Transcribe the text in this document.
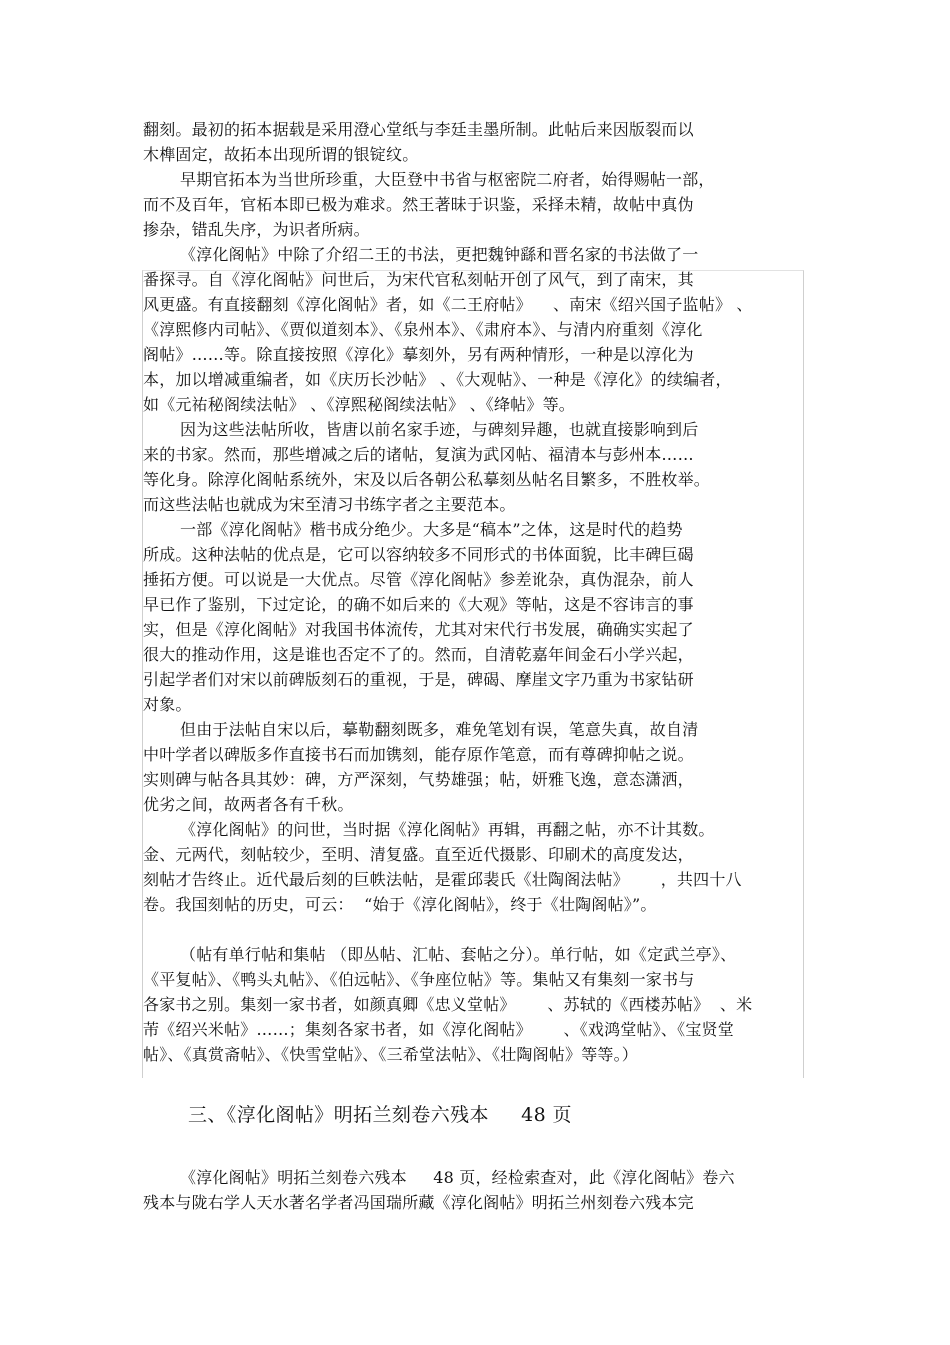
翻刻。最初的拓本据载是采用澄心堂纸与李廷圭墨所制。此帖后来因版裂而以
木榫固定，故拓本出现所谓的银锭纹。
早期官拓本为当世所珍重，大臣登中书省与枢密院二府者，始得赐帖一部，
而不及百年，官柘本即已极为难求。然王著昧于识鉴，采择未精，故帖中真伪
掺杂，错乱失序，为识者所病。
《淳化阁帖》中除了介绍二王的书法，更把魏钟繇和晋名家的书法做了一
番探寻。自《淳化阁帖》问世后，为宋代官私刻帖开创了风气，到了南宋，其
风更盛。有直接翻刻《淳化阁帖》者，如《二王府帖》    、南宋《绍兴国子监帖》 、
《淳熙修内司帖》、《贾似道刻本》、《泉州本》、《肃府本》、与清内府重刻《淳化
阁帖》……等。除直接按照《淳化》摹刻外，另有两种情形，一种是以淳化为
本，加以增减重编者，如《庆历长沙帖》 、《大观帖》、一种是《淳化》的续编者，
如《元祐秘阁续法帖》 、《淳熙秘阁续法帖》 、《绛帖》等。
因为这些法帖所收，皆唐以前名家手迹，与碑刻异趣，也就直接影响到后
来的书家。然而，那些增减之后的诸帖，复演为武冈帖、福清本与彭州本……
等化身。除淳化阁帖系统外，宋及以后各朝公私摹刻丛帖名目繁多，不胜枚举。
而这些法帖也就成为宋至清习书练字者之主要范本。
一部《淳化阁帖》楷书成分绝少。大多是“稿本”之体，这是时代的趋势
所成。这种法帖的优点是，它可以容纳较多不同形式的书体面貌，比丰碑巨碣
捶拓方便。可以说是一大优点。尽管《淳化阁帖》参差讹杂，真伪混杂，前人
早已作了鉴别，下过定论，的确不如后来的《大观》等帖，这是不容讳言的事
实，但是《淳化阁帖》对我国书体流传，尤其对宋代行书发展，确确实实起了
很大的推动作用，这是谁也否定不了的。然而，自清乾嘉年间金石小学兴起，
引起学者们对宋以前碑版刻石的重视，于是，碑碣、摩崖文字乃重为书家钻研
对象。
但由于法帖自宋以后，摹勒翻刻既多，难免笔划有误，笔意失真，故自清
中叶学者以碑版多作直接书石而加镌刻，能存原作笔意，而有尊碑抑帖之说。
实则碑与帖各具其妙：碑，方严深刻，气势雄强；帖，妍雅飞逸，意态潇洒，
优劣之间，故两者各有千秋。
《淳化阁帖》的问世，当时据《淳化阁帖》再辑，再翻之帖，亦不计其数。
金、元两代，刻帖较少，至明、清复盛。直至近代摄影、印刷术的高度发达，
刻帖才告终止。近代最后刻的巨帙法帖，是霍邱裴氏《壮陶阁法帖》      ，共四十八
卷。我国刻帖的历史，可云：  “始于《淳化阁帖》，终于《壮陶阁帖》”。
（帖有单行帖和集帖 （即丛帖、汇帖、套帖之分）。单行帖，如《定武兰亭》、
《平复帖》、《鸭头丸帖》、《伯远帖》、《争座位帖》等。集帖又有集刻一家书与
各家书之别。集刻一家书者，如颜真卿《忠义堂帖》      、苏轼的《西楼苏帖》  、米
芾《绍兴米帖》……；集刻各家书者，如《淳化阁帖》      、《戏鸿堂帖》、《宝贤堂
帖》、《真赏斋帖》、《快雪堂帖》、《三希堂法帖》、《壮陶阁帖》等等。）
三、《淳化阁帖》明拓兰刻卷六残本     48 页
《淳化阁帖》明拓兰刻卷六残本     48 页，经检索查对，此《淳化阁帖》卷六
残本与陇右学人天水著名学者冯国瑞所藏《淳化阁帖》明拓兰州刻卷六残本完
